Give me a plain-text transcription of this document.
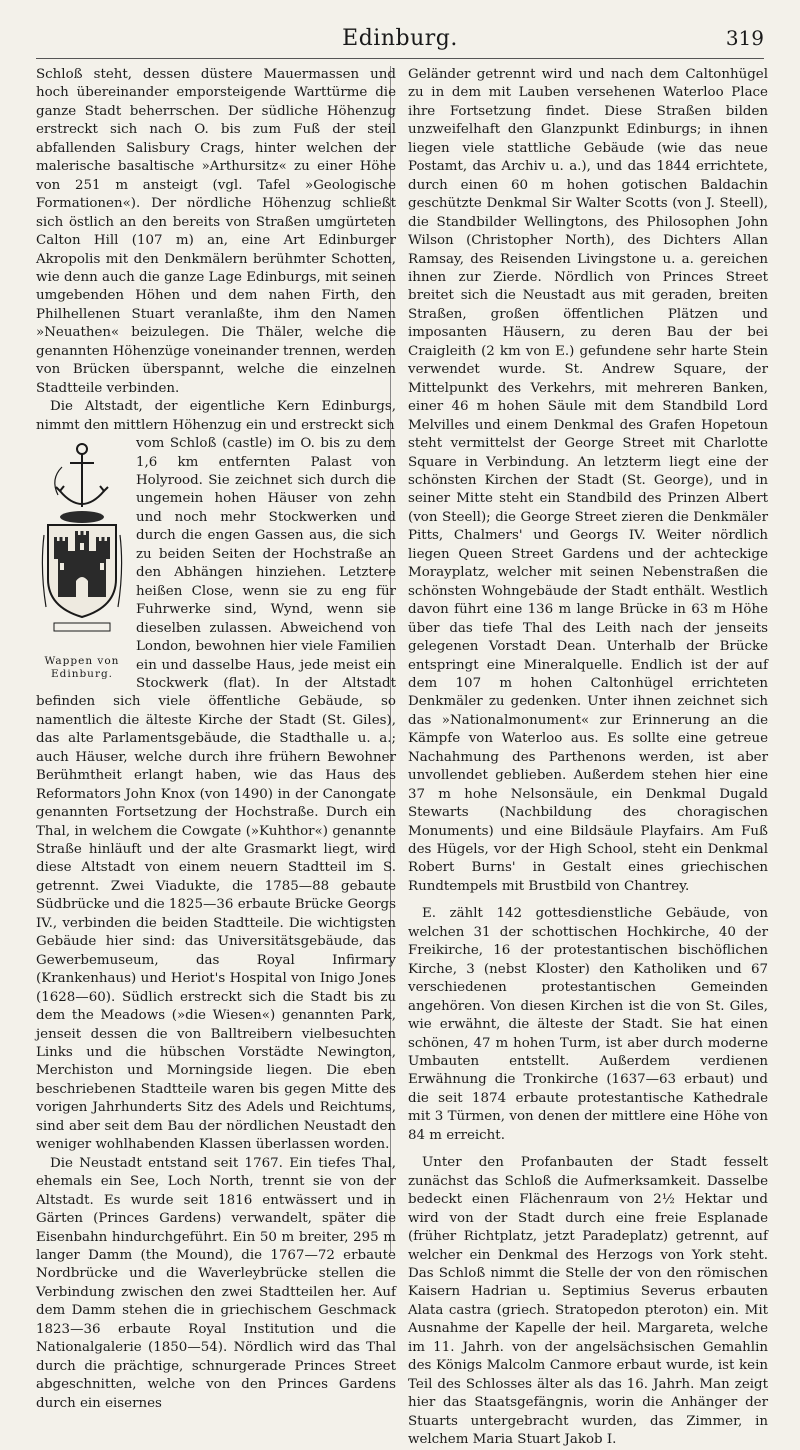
Edinburg.	319

Schloß steht, dessen düstere Mauermassen und hoch übereinander emporsteigende Warttürme die ganze Stadt beherrschen. Der südliche Höhenzug erstreckt sich nach O. bis zum Fuß der steil abfallenden Salisbury Crags, hinter welchen der malerische basaltische »Arthursitz« zu einer Höhe von 251 m ansteigt (vgl. Tafel »Geologische Formationen«). Der nördliche Höhenzug schließt sich östlich an den bereits von Straßen umgürteten Calton Hill (107 m) an, eine Art Edinburger Akropolis mit den Denkmälern berühmter Schotten, wie denn auch die ganze Lage Edinburgs, mit seinen umgebenden Höhen und dem nahen Firth, den Philhellenen Stuart veranlaßte, ihm den Namen »Neuathen« beizulegen. Die Thäler, welche die genannten Höhenzüge voneinander trennen, werden von Brücken überspannt, welche die einzelnen Stadtteile verbinden.

Die Altstadt, der eigentliche Kern Edinburgs, nimmt den mittlern Höhenzug ein und erstreckt sich

Wappen von Edinburg.

vom Schloß (castle) im O. bis zu dem 1,6 km entfernten Palast von Holyrood. Sie zeichnet sich durch die ungemein hohen Häuser von zehn und noch mehr Stockwerken und durch die engen Gassen aus, die sich zu beiden Seiten der Hochstraße an den Abhängen hinziehen. Letztere heißen Close, wenn sie zu eng für Fuhrwerke sind, Wynd, wenn sie dieselben zulassen. Abweichend von London, bewohnen hier viele Familien ein und dasselbe Haus, jede meist ein Stockwerk (flat). In der Altstadt befinden sich viele öffentliche Gebäude, so namentlich die älteste Kirche der Stadt (St. Giles), das alte Parlamentsgebäude, die Stadthalle u. a.; auch Häuser, welche durch ihre frühern Bewohner Berühmtheit erlangt haben, wie das Haus des Reformators John Knox (von 1490) in der Canongate genannten Fortsetzung der Hochstraße. Durch ein Thal, in welchem die Cowgate (»Kuhthor«) genannte Straße hinläuft und der alte Grasmarkt liegt, wird diese Altstadt von einem neuern Stadtteil im S. getrennt. Zwei Viadukte, die 1785—88 gebaute Südbrücke und die 1825—36 erbaute Brücke Georgs IV., verbinden die beiden Stadtteile. Die wichtigsten Gebäude hier sind: das Universitätsgebäude, das Gewerbemuseum, das Royal Infirmary (Krankenhaus) und Heriot's Hospital von Inigo Jones (1628—60). Südlich erstreckt sich die Stadt bis zu dem the Meadows (»die Wiesen«) genannten Park, jenseit dessen die von Balltreibern vielbesuchten Links und die hübschen Vorstädte Newington, Merchiston und Morningside liegen. Die eben beschriebenen Stadtteile waren bis gegen Mitte des vorigen Jahrhunderts Sitz des Adels und Reichtums, sind aber seit dem Bau der nördlichen Neustadt den weniger wohlhabenden Klassen überlassen worden.

Die Neustadt entstand seit 1767. Ein tiefes Thal, ehemals ein See, Loch North, trennt sie von der Altstadt. Es wurde seit 1816 entwässert und in Gärten (Princes Gardens) verwandelt, später die Eisenbahn hindurchgeführt. Ein 50 m breiter, 295 m langer Damm (the Mound), die 1767—72 erbaute Nordbrücke und die Waverleybrücke stellen die Verbindung zwischen den zwei Stadtteilen her. Auf dem Damm stehen die in griechischem Geschmack 1823—36 erbaute Royal Institution und die Nationalgalerie (1850—54). Nördlich wird das Thal durch die prächtige, schnurgerade Princes Street abgeschnitten, welche von den Princes Gardens durch ein eisernes

Geländer getrennt wird und nach dem Caltonhügel zu in dem mit Lauben versehenen Waterloo Place ihre Fortsetzung findet. Diese Straßen bilden unzweifelhaft den Glanzpunkt Edinburgs; in ihnen liegen viele stattliche Gebäude (wie das neue Postamt, das Archiv u. a.), und das 1844 errichtete, durch einen 60 m hohen gotischen Baldachin geschützte Denkmal Sir Walter Scotts (von J. Steell), die Standbilder Wellingtons, des Philosophen John Wilson (Christopher North), des Dichters Allan Ramsay, des Reisenden Livingstone u. a. gereichen ihnen zur Zierde. Nördlich von Princes Street breitet sich die Neustadt aus mit geraden, breiten Straßen, großen öffentlichen Plätzen und imposanten Häusern, zu deren Bau der bei Craigleith (2 km von E.) gefundene sehr harte Stein verwendet wurde. St. Andrew Square, der Mittelpunkt des Verkehrs, mit mehreren Banken, einer 46 m hohen Säule mit dem Standbild Lord Melvilles und einem Denkmal des Grafen Hopetoun steht vermittelst der George Street mit Charlotte Square in Verbindung. An letzterm liegt eine der schönsten Kirchen der Stadt (St. George), und in seiner Mitte steht ein Standbild des Prinzen Albert (von Steell); die George Street zieren die Denkmäler Pitts, Chalmers' und Georgs IV. Weiter nördlich liegen Queen Street Gardens und der achteckige Morayplatz, welcher mit seinen Nebenstraßen die schönsten Wohngebäude der Stadt enthält. Westlich davon führt eine 136 m lange Brücke in 63 m Höhe über das tiefe Thal des Leith nach der jenseits gelegenen Vorstadt Dean. Unterhalb der Brücke entspringt eine Mineralquelle. Endlich ist der auf dem 107 m hohen Caltonhügel errichteten Denkmäler zu gedenken. Unter ihnen zeichnet sich das »Nationalmonument« zur Erinnerung an die Kämpfe von Waterloo aus. Es sollte eine getreue Nachahmung des Parthenons werden, ist aber unvollendet geblieben. Außerdem stehen hier eine 37 m hohe Nelsonsäule, ein Denkmal Dugald Stewarts (Nachbildung des choragischen Monuments) und eine Bildsäule Playfairs. Am Fuß des Hügels, vor der High School, steht ein Denkmal Robert Burns' in Gestalt eines griechischen Rundtempels mit Brustbild von Chantrey.

E. zählt 142 gottesdienstliche Gebäude, von welchen 31 der schottischen Hochkirche, 40 der Freikirche, 16 der protestantischen bischöflichen Kirche, 3 (nebst Kloster) den Katholiken und 67 verschiedenen protestantischen Gemeinden angehören. Von diesen Kirchen ist die von St. Giles, wie erwähnt, die älteste der Stadt. Sie hat einen schönen, 47 m hohen Turm, ist aber durch moderne Umbauten entstellt. Außerdem verdienen Erwähnung die Tronkirche (1637—63 erbaut) und die seit 1874 erbaute protestantische Kathedrale mit 3 Türmen, von denen der mittlere eine Höhe von 84 m erreicht.

Unter den Profanbauten der Stadt fesselt zunächst das Schloß die Aufmerksamkeit. Dasselbe bedeckt einen Flächenraum von 2½ Hektar und wird von der Stadt durch eine freie Esplanade (früher Richtplatz, jetzt Paradeplatz) getrennt, auf welcher ein Denkmal des Herzogs von York steht. Das Schloß nimmt die Stelle der von den römischen Kaisern Hadrian u. Septimius Severus erbauten Alata castra (griech. Stratopedon pteroton) ein. Mit Ausnahme der Kapelle der heil. Margareta, welche im 11. Jahrh. von der angelsächsischen Gemahlin des Königs Malcolm Canmore erbaut wurde, ist kein Teil des Schlosses älter als das 16. Jahrh. Man zeigt hier das Staatsgefängnis, worin die Anhänger der Stuarts untergebracht wurden, das Zimmer, in welchem Maria Stuart Jakob I.
